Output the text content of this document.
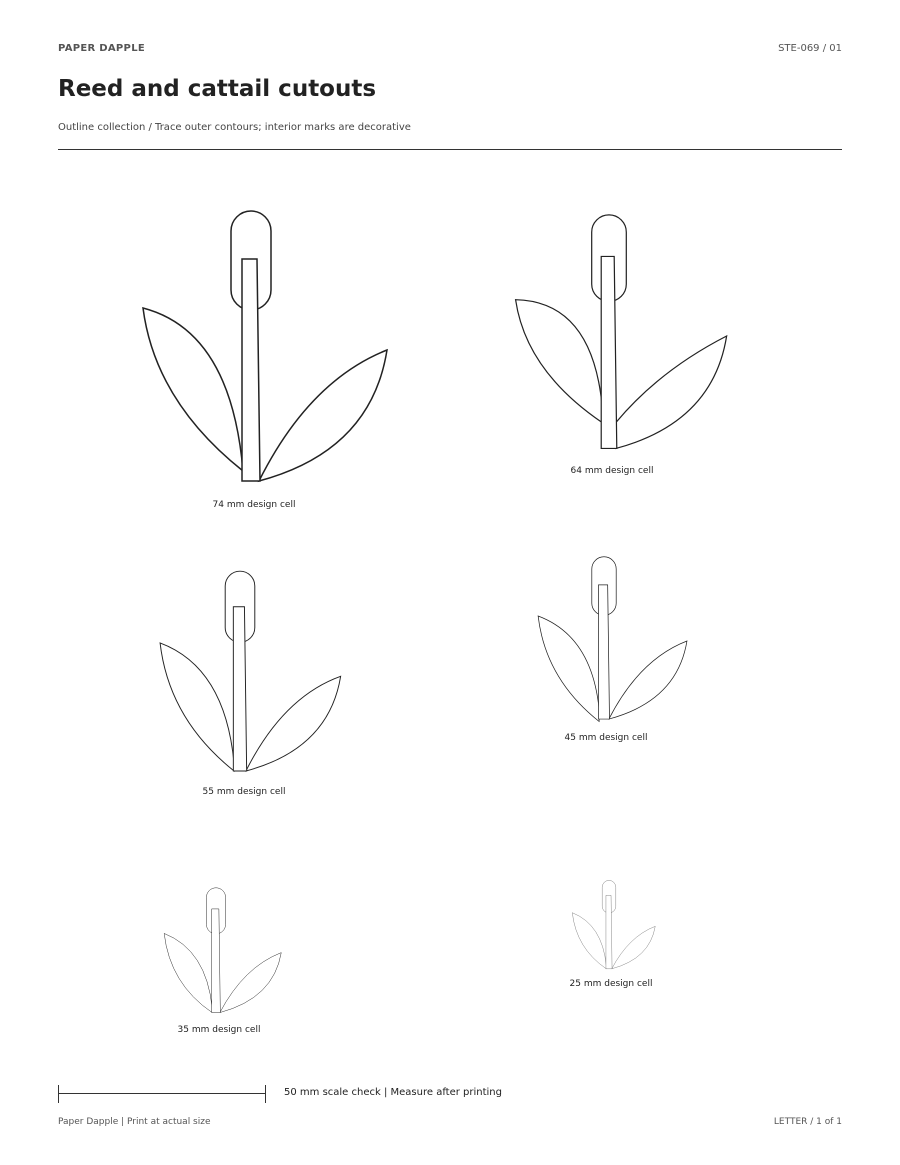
PAPER DAPPLE	STE-069 / 01
Reed and cattail cutouts
Outline collection / Trace outer contours; interior marks are decorative
74 mm design cell
64 mm design cell
55 mm design cell
45 mm design cell
35 mm design cell
25 mm design cell
50 mm scale check | Measure after printing
Paper Dapple | Print at actual size	LETTER / 1 of 1
